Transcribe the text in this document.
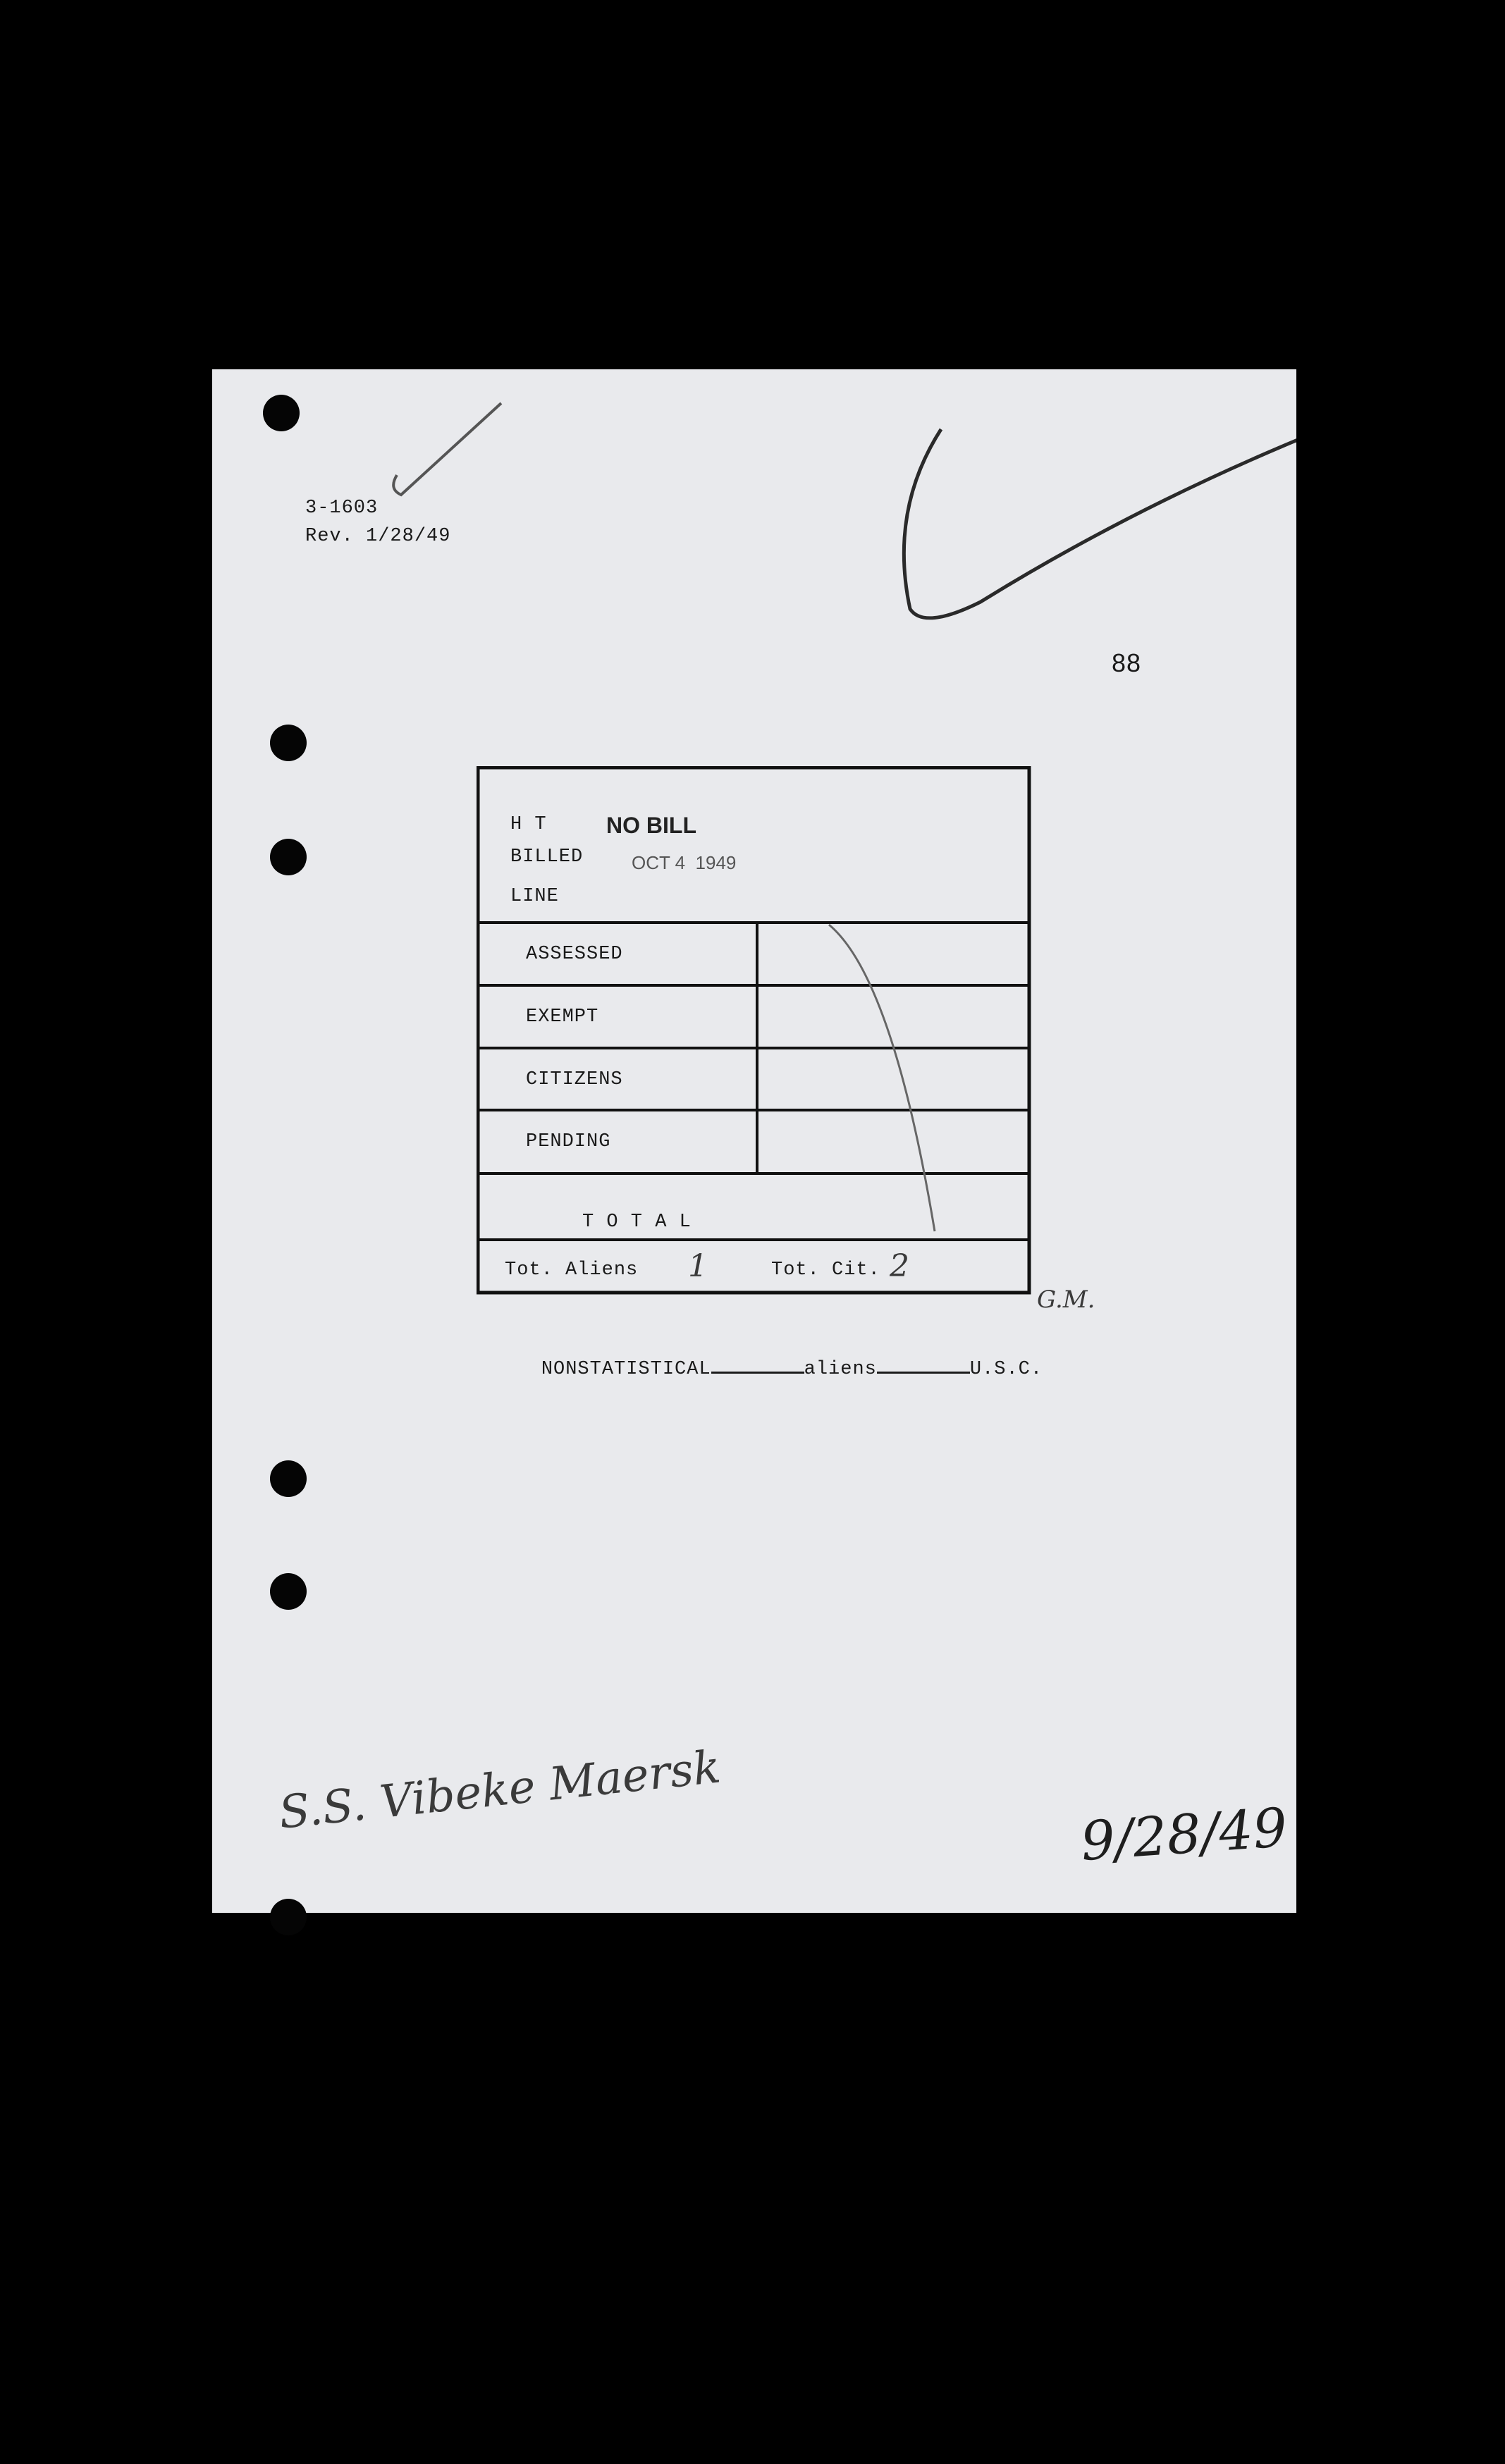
3-1603
Rev. 1/28/49
88
H T
BILLED
LINE
NO BILL
OCT 4  1949
ASSESSED
EXEMPT
CITIZENS
PENDING
T O T A L
Tot. Aliens 1	Tot. Cit. 2
G.M.

NONSTATISTICAL	aliens	U.S.C.

S.S. Vibeke Maersk	9/28/49
